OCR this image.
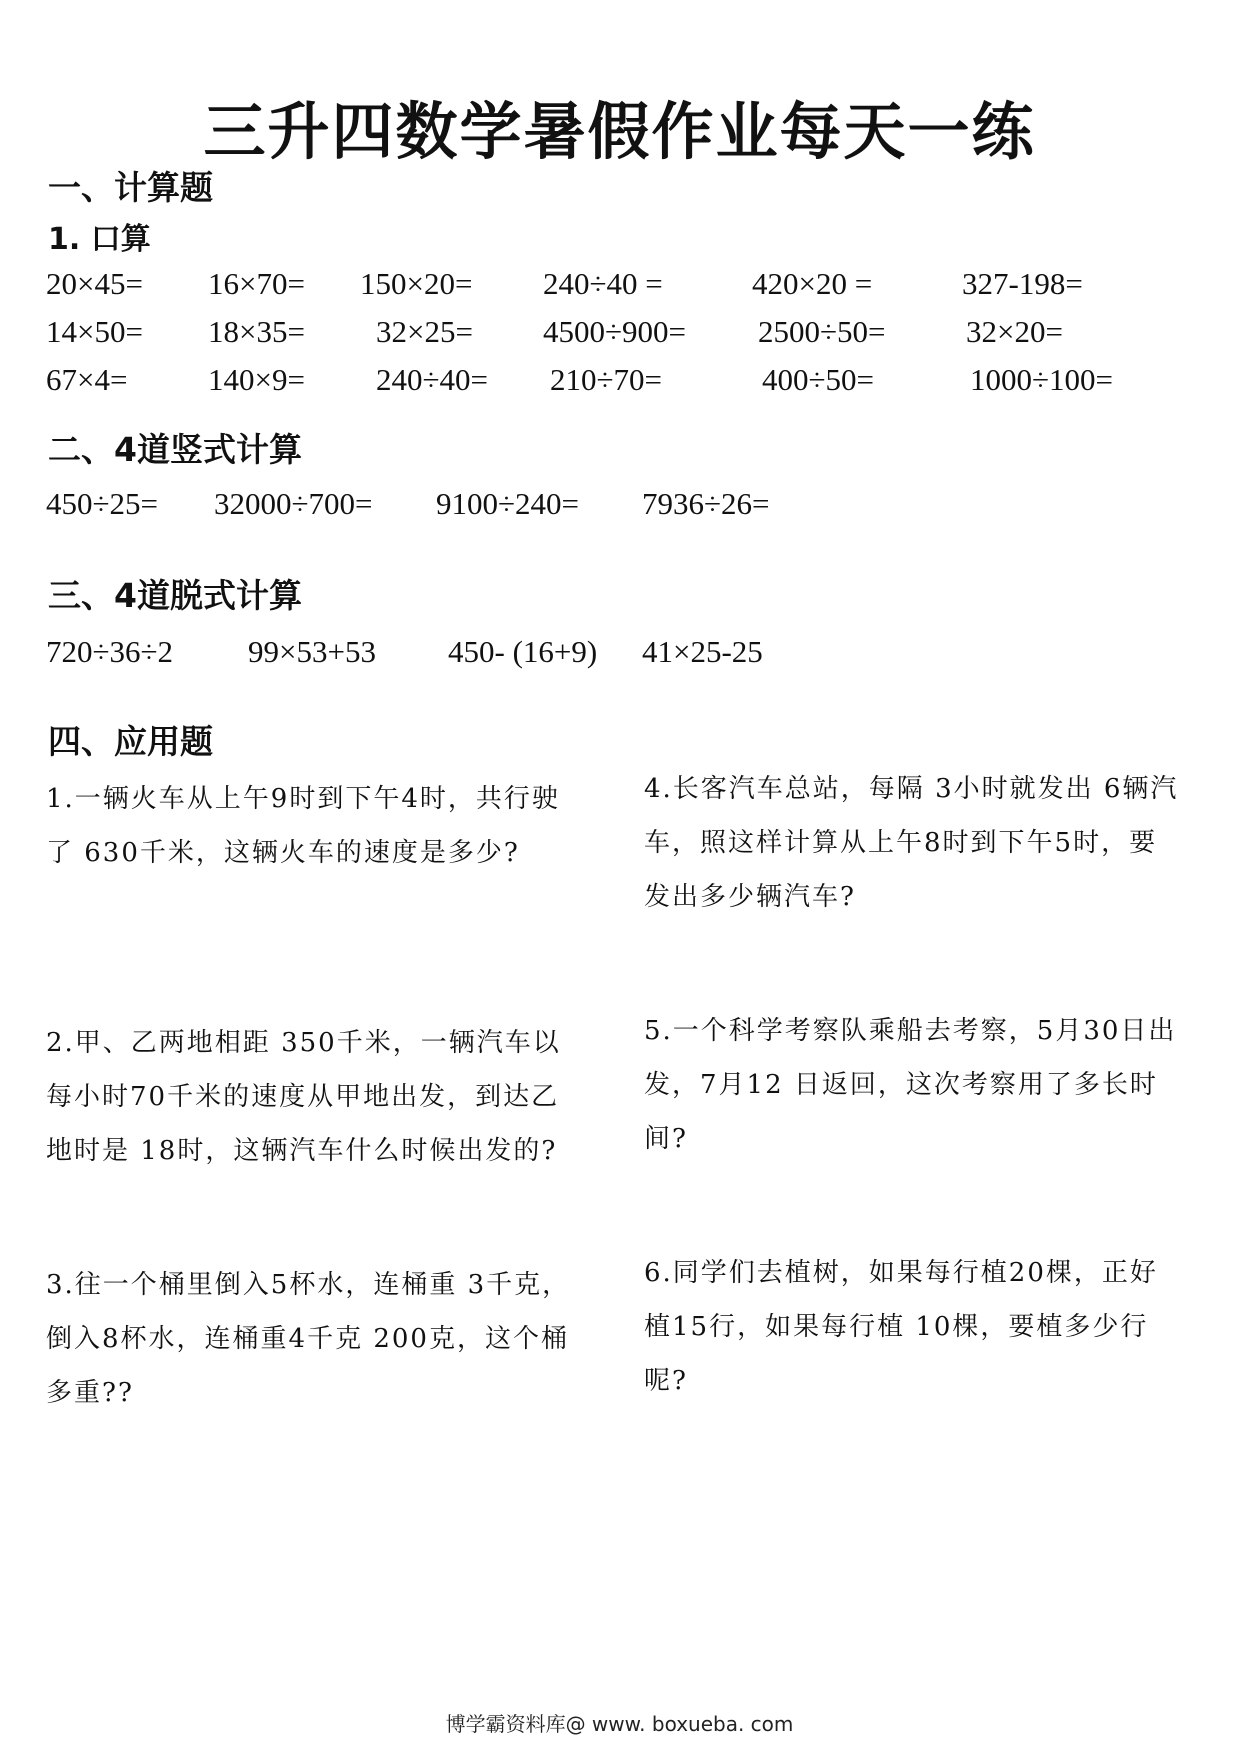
三升四数学暑假作业每天一练
一、计算题
1. 口算
20×45= 16×70= 150×20= 240÷40 =	420×20 =	327-198=
14×50= 18×35= 32×25= 4500÷900= 2500÷50=	32×20=
67×4=	140×9= 240÷40= 210÷70=	400÷50=	1000÷100=
二、4道竖式计算
450÷25= 32000÷700= 9100÷240= 7936÷26=
三、4道脱式计算
720÷36÷2 99×53+53 450- (16+9) 41×25-25
四、应用题

1.一辆火车从上午9时到下午4时，共行驶了 630千米，这辆火车的速度是多少?

2.甲、乙两地相距 350千米，一辆汽车以每小时70千米的速度从甲地出发，到达乙地时是 18时，这辆汽车什么时候出发的?

3.往一个桶里倒入5杯水，连桶重 3千克，倒入8杯水，连桶重4千克 200克，这个桶多重??

4.长客汽车总站，每隔 3小时就发出 6辆汽车，照这样计算从上午8时到下午5时，要发出多少辆汽车?

5.一个科学考察队乘船去考察，5月30日出发，7月12 日返回，这次考察用了多长时间?

6.同学们去植树，如果每行植20棵，正好植15行，如果每行植 10棵，要植多少行呢?

博学霸资料库@ www. boxueba. com
